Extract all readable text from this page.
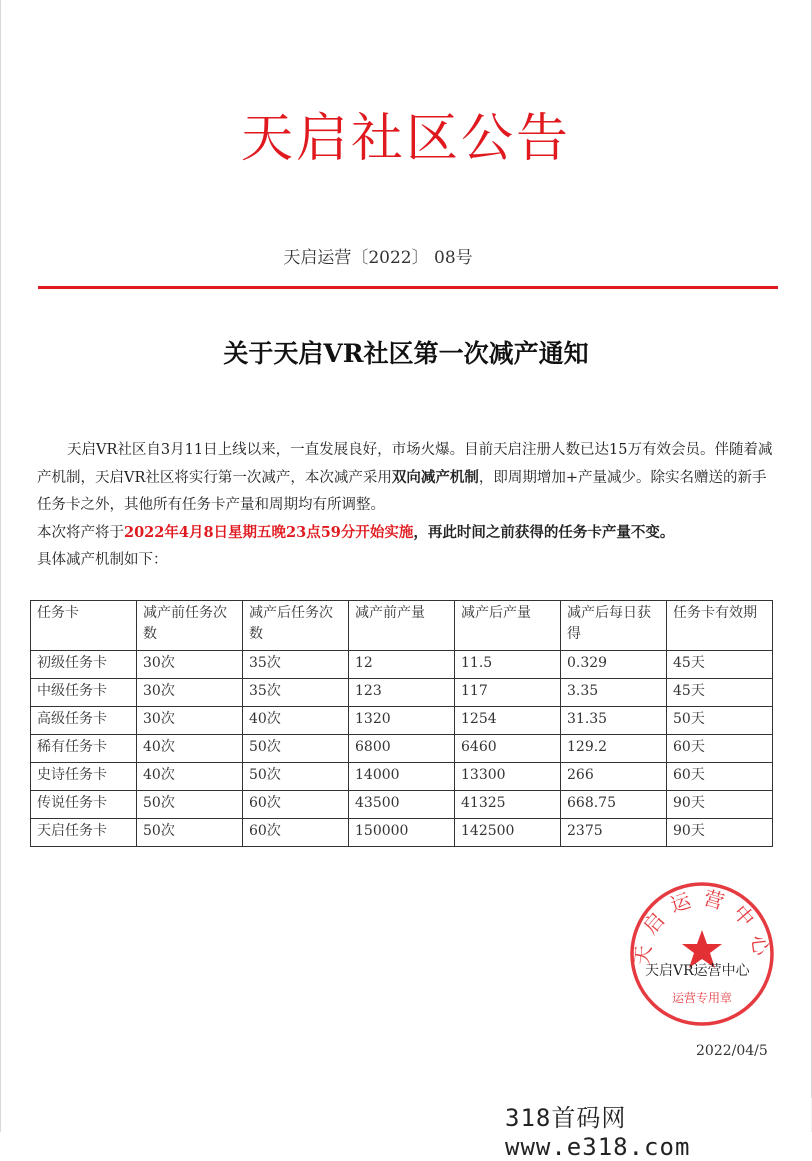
天启社区公告
天启运营〔2022〕 08号
关于天启VR社区第一次减产通知

天启VR社区自3月11日上线以来，一直发展良好，市场火爆。目前天启注册人数已达15万有效会员。伴随着减产机制，天启VR社区将实行第一次减产，本次减产采用双向减产机制，即周期增加+产量减少。除实名赠送的新手任务卡之外，其他所有任务卡产量和周期均有所调整。

本次将产将于2022年4月8日星期五晚23点59分开始实施，再此时间之前获得的任务卡产量不变。

具体减产机制如下：

任务卡	减产前任务次数	减产后任务次数	减产前产量	减产后产量	减产后每日获得	任务卡有效期
初级任务卡	30次	35次	12	11.5	0.329	45天
中级任务卡	30次	35次	123	117	3.35	45天
高级任务卡	30次	40次	1320	1254	31.35	50天
稀有任务卡	40次	50次	6800	6460	129.2	60天
史诗任务卡	40次	50次	14000	13300	266	60天
传说任务卡	50次	60次	43500	41325	668.75	90天
天启任务卡	50次	60次	150000	142500	2375	90天
天启运营中心
运营专用章
天启VR运营中心
2022/04/5
318首码网 www.e318.com
